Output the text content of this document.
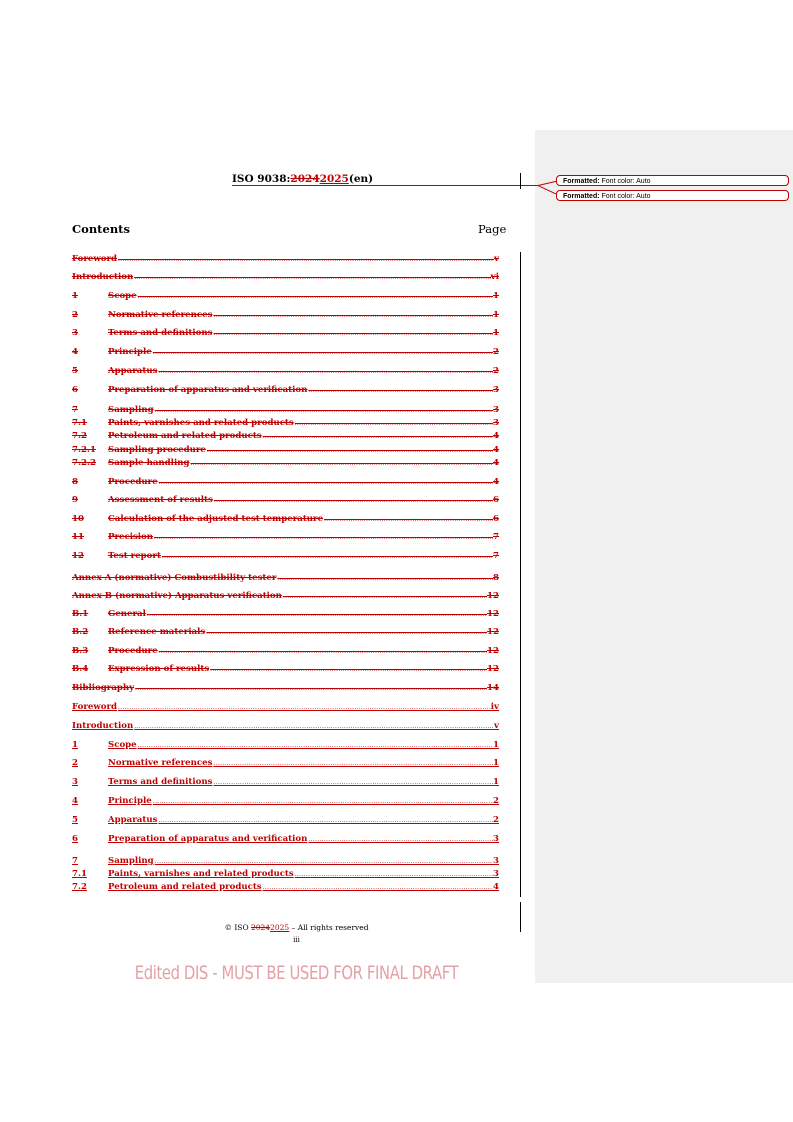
ISO 9038:20242025(en)	Formatted: Font color: Auto
Formatted: Font color: Auto
Contents	Page
Foreword .....	v
Introduction .....	vi
1	Scope .....	1
2	Normative references .....	1
3	Terms and definitions .....	1
4	Principle .....	2
5	Apparatus .....	2
6	Preparation of apparatus and verification .....	3
7	Sampling .....	3
7.1	Paints, varnishes and related products .....	3
7.2	Petroleum and related products .....	4
7.2.1	Sampling procedure .....	4
7.2.2	Sample handling .....	4
8	Procedure .....	4
9	Assessment of results .....	6
10	Calculation of the adjusted test temperature .....	6
11	Precision .....	7
12	Test report .....	7
Annex A (normative) Combustibility tester .....	8
Annex B (normative) Apparatus verification .....	12
B.1	General .....	12
B.2	Reference materials .....	12
B.3	Procedure .....	12
B.4	Expression of results .....	12
Bibliography .....	14
Foreword .....	iv
Introduction .....	v
1	Scope .....	1
2	Normative references .....	1
3	Terms and definitions .....	1
4	Principle .....	2
5	Apparatus .....	2
6	Preparation of apparatus and verification .....	3
7	Sampling .....	3
7.1	Paints, varnishes and related products .....	3
7.2	Petroleum and related products .....	4
© ISO 20242025 – All rights reserved
iii
Edited DIS - MUST BE USED FOR FINAL DRAFT
